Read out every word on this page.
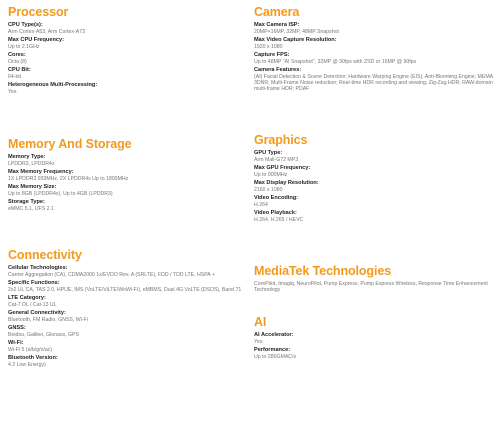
Processor
CPU Type(s):
Arm Cortex-A53, Arm Cortex-A73
Max CPU Frequency:
Up to 2.1GHz
Cores:
Octa (8)
CPU Bit:
64-bit
Heterogeneous Multi-Processing:
Yes
Memory And Storage
Memory Type:
LPDDR3, LPDDR4x
Max Memory Frequency:
1X LPDDR3 933MHz, 2X LPDDR4x Up to 1800MHz
Max Memory Size:
Up to 8GB (LPDDR4x), Up to 4GB (LPDDR3)
Storage Type:
eMMC 5.1, UFS 2.1
Connectivity
Cellular Technologies:
Carrier Aggregation (CA), CDMA2000 1x/EVDO Rev. A (SRLTE), FDD / TDD LTE, HSPA +
Specific Functions:
2x2 UL CA, TAS 2.0, HPUE, IMS (VoLTE\ViLTE\WoWi-Fi), eMBMS, Dual 4G VoLTE (DSDS), Band 71
LTE Category:
Cat-7 DL / Cat-13 UL
General Connectivity:
Bluetooth, FM Radio, GNSS, Wi-Fi
GNSS:
Beidou, Galileo, Glonass, GPS
Wi-Fi:
Wi-Fi 5 (a/b/g/n/ac)
Bluetooth Version:
4.2 Low Energy)
Camera
Max Camera ISP:
20MP+16MP, 32MP, 48MP Snapshot
Max Video Capture Resolution:
1920 x 1080
Capture FPS:
Up to 48MP "AI Snapshot", 32MP @ 30fps with ZSD or 16MP @ 90fps
Camera Features:
(AI) Facial Detection & Scene Detection; Hardware Warping Engine (EIS); Anti-Blooming Engine; MEMA 3DNR; Multi-Frame Noise reduction; Real-time HDR recording and viewing; Zig-Zag HDR; RAW-domain multi-frame HDR; PDAF
Graphics
GPU Type:
Arm Mali-G72 MP3
Max GPU Frequency:
Up to 900MHz
Max Display Resolution:
2160 x 1080
Video Encoding:
H.264
Video Playback:
H.264, H.265 / HEVC
MediaTek Technologies
CorePilot, Imagiq, NeuroPilot, Pump Express, Pump Express Wireless, Response Time Enhancement Technology
AI
AI Accelerator:
Yes
Performance:
Up to 280GMAC/s
